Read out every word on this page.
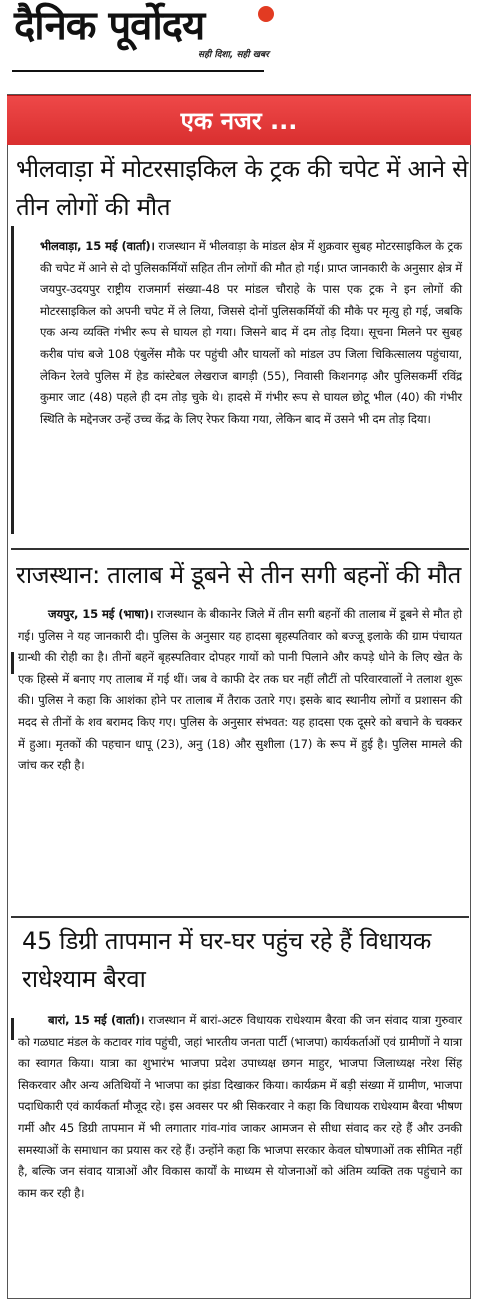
दैनिक पूर्वोदय
सही दिशा, सही खबर
एक नजर ...
भीलवाड़ा में मोटरसाइकिल के ट्रक की चपेट में आने से तीन लोगों की मौत
भीलवाड़ा, 15 मई (वार्ता)। राजस्थान में भीलवाड़ा के मांडल क्षेत्र में शुक्रवार सुबह मोटरसाइकिल के ट्रक की चपेट में आने से दो पुलिसकर्मियों सहित तीन लोगों की मौत हो गई। प्राप्त जानकारी के अनुसार क्षेत्र में जयपुर-उदयपुर राष्ट्रीय राजमार्ग संख्या-48 पर मांडल चौराहे के पास एक ट्रक ने इन लोगों की मोटरसाइकिल को अपनी चपेट में ले लिया, जिससे दोनों पुलिसकर्मियों की मौके पर मृत्यु हो गई, जबकि एक अन्य व्यक्ति गंभीर रूप से घायल हो गया। जिसने बाद में दम तोड़ दिया। सूचना मिलने पर सुबह करीब पांच बजे 108 एंबुलेंस मौके पर पहुंची और घायलों को मांडल उप जिला चिकित्सालय पहुंचाया, लेकिन रेलवे पुलिस में हेड कांस्टेबल लेखराज बागड़ी (55), निवासी किशनगढ़ और पुलिसकर्मी रविंद्र कुमार जाट (48) पहले ही दम तोड़ चुके थे। हादसे में गंभीर रूप से घायल छोटू भील (40) की गंभीर स्थिति के मद्देनजर उन्हें उच्च केंद्र के लिए रेफर किया गया, लेकिन बाद में उसने भी दम तोड़ दिया।
राजस्थान: तालाब में डूबने से तीन सगी बहनों की मौत
जयपुर, 15 मई (भाषा)। राजस्थान के बीकानेर जिले में तीन सगी बहनों की तालाब में डूबने से मौत हो गई। पुलिस ने यह जानकारी दी। पुलिस के अनुसार यह हादसा बृहस्पतिवार को बज्जू इलाके की ग्राम पंचायत ग्रान्धी की रोही का है। तीनों बहनें बृहस्पतिवार दोपहर गायों को पानी पिलाने और कपड़े धोने के लिए खेत के एक हिस्से में बनाए गए तालाब में गई थीं। जब वे काफी देर तक घर नहीं लौटीं तो परिवारवालों ने तलाश शुरू की। पुलिस ने कहा कि आशंका होने पर तालाब में तैराक उतारे गए। इसके बाद स्थानीय लोगों व प्रशासन की मदद से तीनों के शव बरामद किए गए। पुलिस के अनुसार संभवत: यह हादसा एक दूसरे को बचाने के चक्कर में हुआ। मृतकों की पहचान धापू (23), अनु (18) और सुशीला (17) के रूप में हुई है। पुलिस मामले की जांच कर रही है।
45 डिग्री तापमान में घर-घर पहुंच रहे हैं विधायक राधेश्याम बैरवा
बारां, 15 मई (वार्ता)। राजस्थान में बारां-अटरु विधायक राधेश्याम बैरवा की जन संवाद यात्रा गुरुवार को गळघाट मंडल के कटावर गांव पहुंची, जहां भारतीय जनता पार्टी (भाजपा) कार्यकर्ताओं एवं ग्रामीणों ने यात्रा का स्वागत किया। यात्रा का शुभारंभ भाजपा प्रदेश उपाध्यक्ष छगन माहुर, भाजपा जिलाध्यक्ष नरेश सिंह सिकरवार और अन्य अतिथियों ने भाजपा का झंडा दिखाकर किया। कार्यक्रम में बड़ी संख्या में ग्रामीण, भाजपा पदाधिकारी एवं कार्यकर्ता मौजूद रहे। इस अवसर पर श्री सिकरवार ने कहा कि विधायक राधेश्याम बैरवा भीषण गर्मी और 45 डिग्री तापमान में भी लगातार गांव-गांव जाकर आमजन से सीधा संवाद कर रहे हैं और उनकी समस्याओं के समाधान का प्रयास कर रहे हैं। उन्होंने कहा कि भाजपा सरकार केवल घोषणाओं तक सीमित नहीं है, बल्कि जन संवाद यात्राओं और विकास कार्यों के माध्यम से योजनाओं को अंतिम व्यक्ति तक पहुंचाने का काम कर रही है।
